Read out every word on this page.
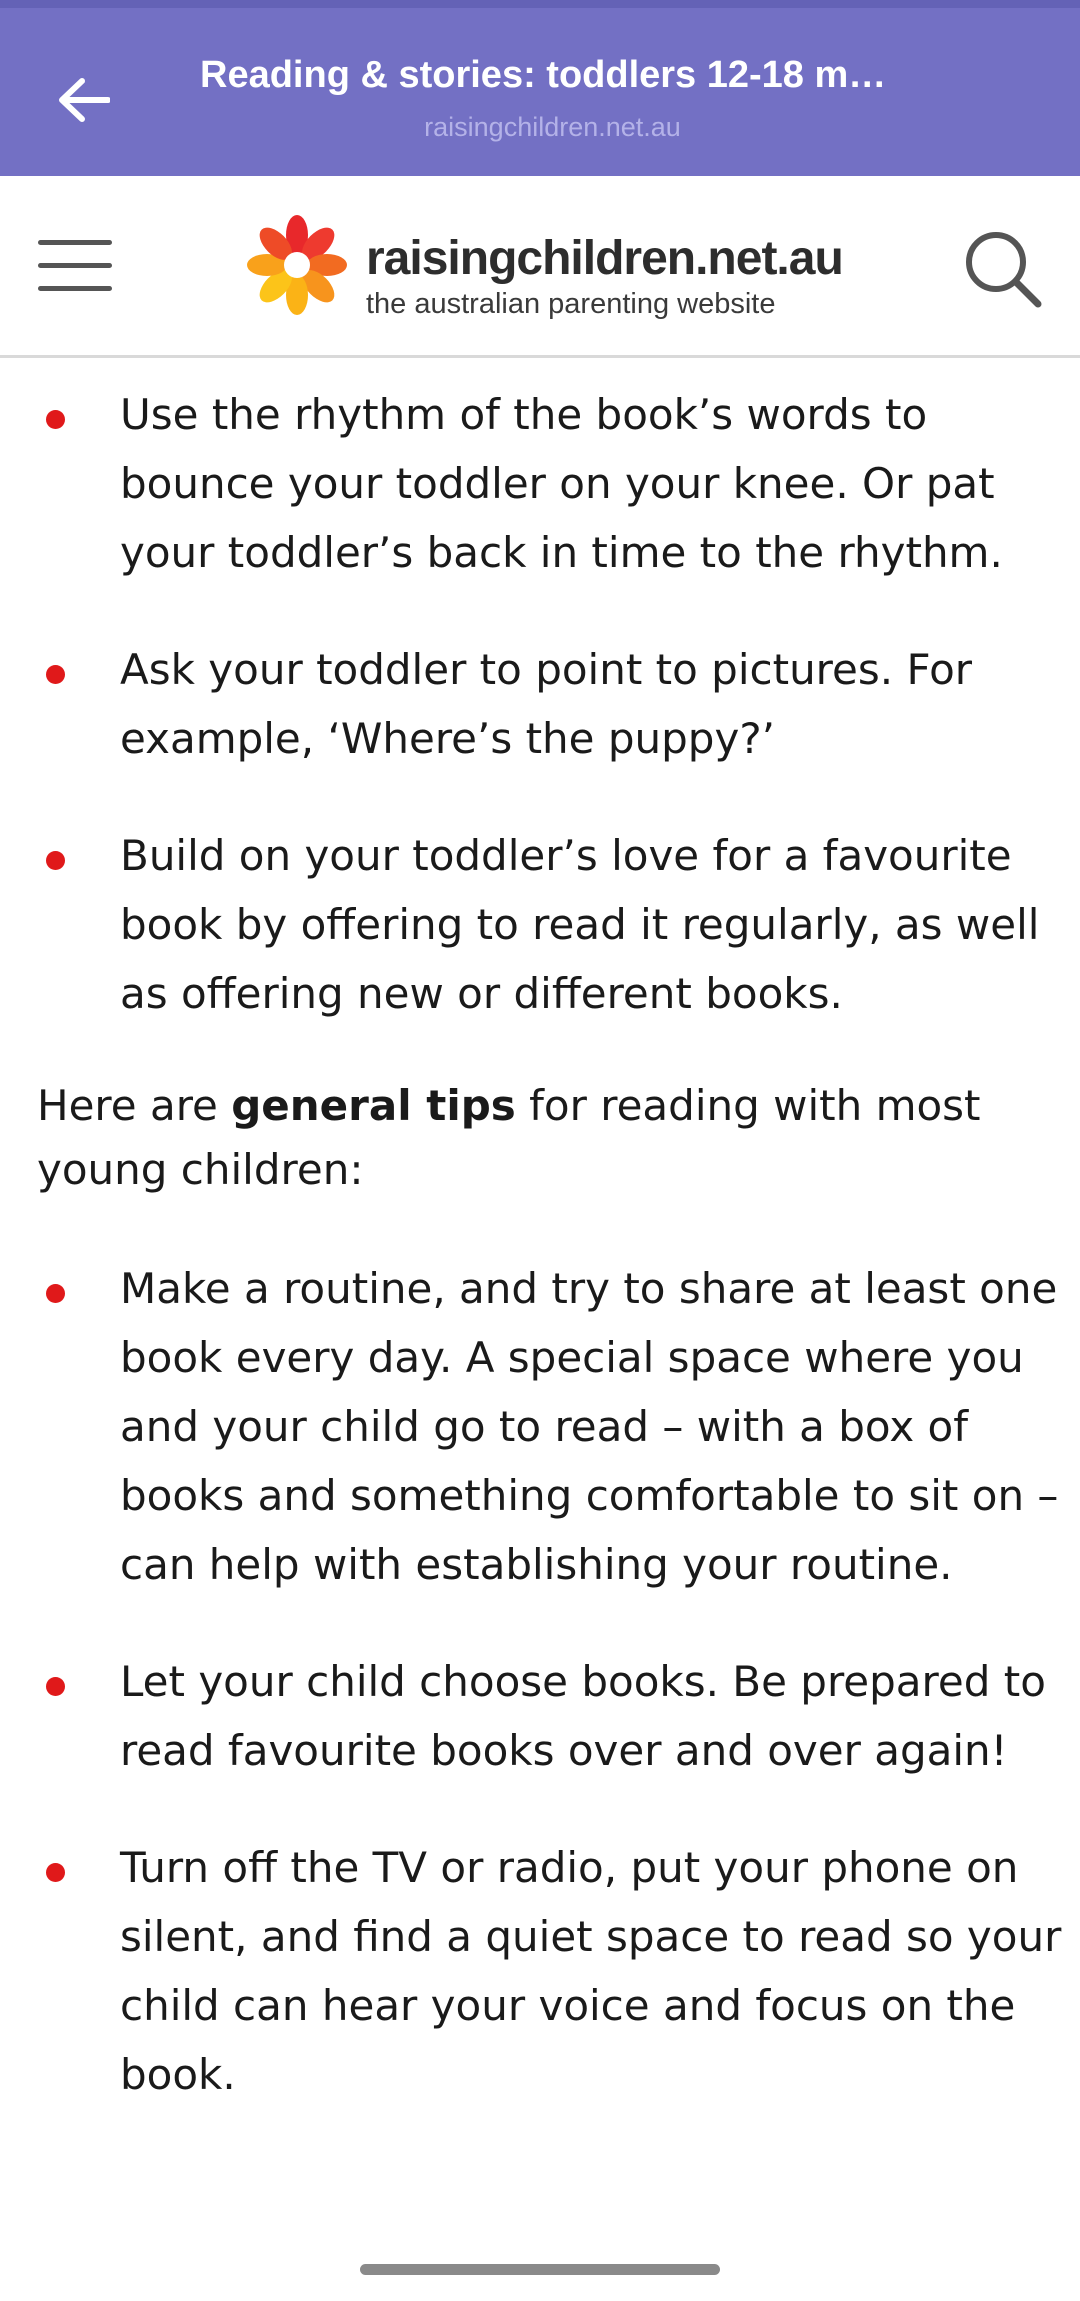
Reading & stories: toddlers 12-18 m…
raisingchildren.net.au
raisingchildren.net.au
the australian parenting website
Use the rhythm of the book’s words to bounce your toddler on your knee. Or pat your toddler’s back in time to the rhythm.
Ask your toddler to point to pictures. For example, ‘Where’s the puppy?’
Build on your toddler’s love for a favourite book by offering to read it regularly, as well as offering new or different books.

Here are general tips for reading with most young children:

Make a routine, and try to share at least one book every day. A special space where you and your child go to read – with a box of books and something comfortable to sit on – can help with establishing your routine.
Let your child choose books. Be prepared to read favourite books over and over again!
Turn off the TV or radio, put your phone on silent, and find a quiet space to read so your child can hear your voice and focus on the book.
